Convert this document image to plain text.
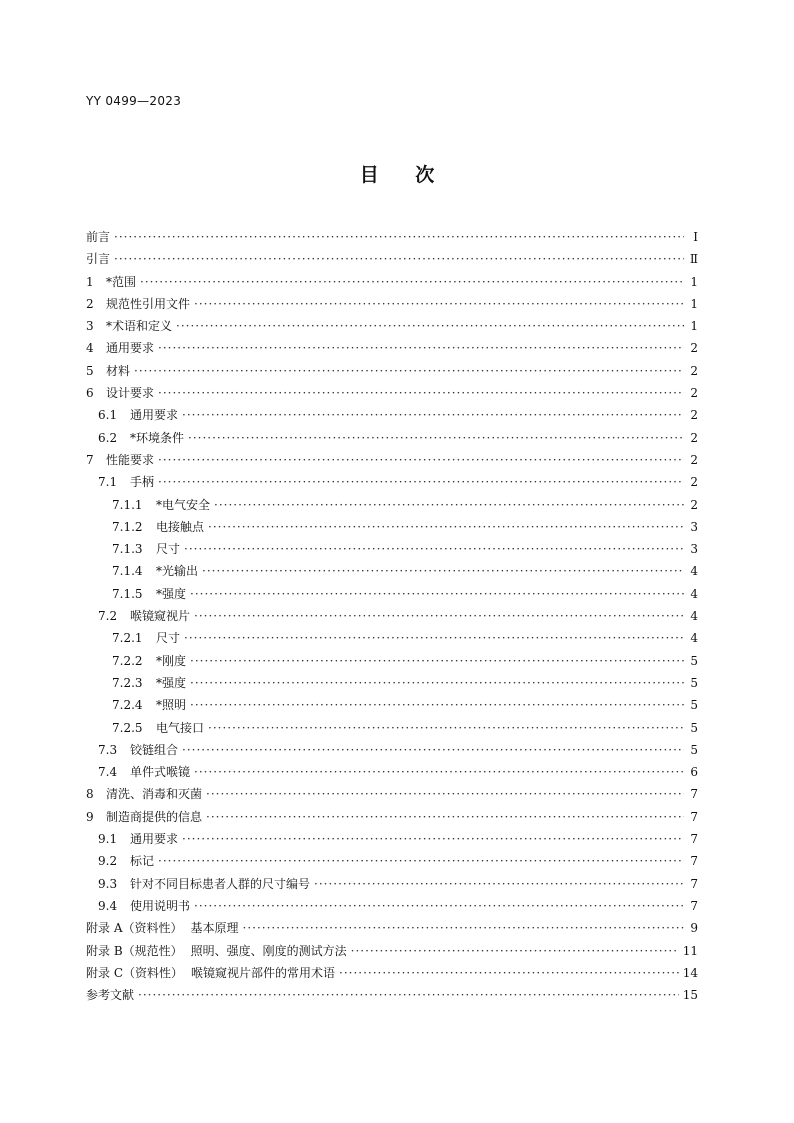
YY 0499—2023
目 次
前言 ·····	Ⅰ
引言 ·····	Ⅱ
1	*范围 ·····	1
2	规范性引用文件 ·····	1
3	*术语和定义 ·····	1
4	通用要求 ·····	2
5	材料 ·····	2
6	设计要求 ·····	2
6.1	通用要求 ·····	2
6.2	*环境条件 ·····	2
7	性能要求 ·····	2
7.1	手柄 ·····	2
7.1.1	*电气安全 ·····	2
7.1.2	电接触点 ·····	3
7.1.3	尺寸 ·····	3
7.1.4	*光输出 ·····	4
7.1.5	*强度 ·····	4
7.2	喉镜窥视片 ·····	4
7.2.1	尺寸 ·····	4
7.2.2	*刚度 ·····	5
7.2.3	*强度 ·····	5
7.2.4	*照明 ·····	5
7.2.5	电气接口 ·····	5
7.3	铰链组合 ·····	5
7.4	单件式喉镜 ·····	6
8	清洗、消毒和灭菌 ·····	7
9	制造商提供的信息 ·····	7
9.1	通用要求 ·····	7
9.2	标记 ·····	7
9.3	针对不同目标患者人群的尺寸编号 ·····	7
9.4	使用说明书 ·····	7
附录 A（资料性） 基本原理 ·····	9
附录 B（规范性） 照明、强度、刚度的测试方法 ·····	11
附录 C（资料性） 喉镜窥视片部件的常用术语 ·····	14
参考文献 ·····	15
